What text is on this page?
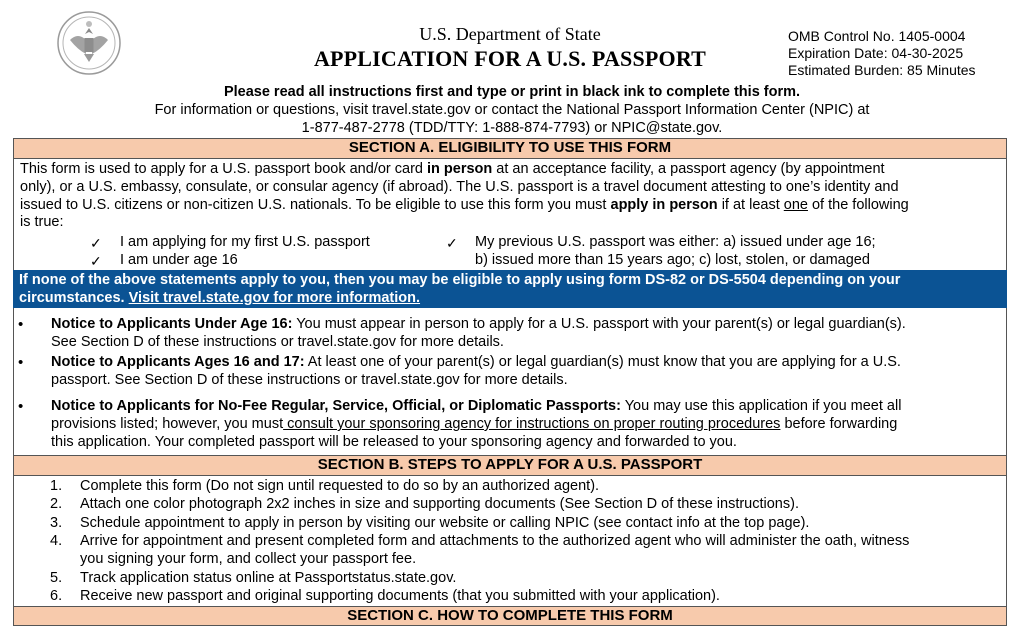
U.S. Department of State
APPLICATION FOR A U.S. PASSPORT
OMB Control No. 1405-0004
Expiration Date: 04-30-2025
Estimated Burden: 85 Minutes
Please read all instructions first and type or print in black ink to complete this form.
For information or questions, visit travel.state.gov or contact the National Passport Information Center (NPIC) at
1-877-487-2778 (TDD/TTY: 1-888-874-7793) or NPIC@state.gov.
SECTION A. ELIGIBILITY TO USE THIS FORM
This form is used to apply for a U.S. passport book and/or card in person at an acceptance facility, a passport agency (by appointment
only), or a U.S. embassy, consulate, or consular agency (if abroad). The U.S. passport is a travel document attesting to one’s identity and
issued to U.S. citizens or non-citizen U.S. nationals. To be eligible to use this form you must apply in person if at least one of the following
is true:
✓ I am applying for my first U.S. passport
✓ I am under age 16
✓ My previous U.S. passport was either: a) issued under age 16;
b) issued more than 15 years ago; c) lost, stolen, or damaged
If none of the above statements apply to you, then you may be eligible to apply using form DS-82 or DS-5504 depending on your
circumstances. Visit travel.state.gov for more information.
• Notice to Applicants Under Age 16: You must appear in person to apply for a U.S. passport with your parent(s) or legal guardian(s).
See Section D of these instructions or travel.state.gov for more details.
• Notice to Applicants Ages 16 and 17: At least one of your parent(s) or legal guardian(s) must know that you are applying for a U.S.
passport. See Section D of these instructions or travel.state.gov for more details.
• Notice to Applicants for No-Fee Regular, Service, Official, or Diplomatic Passports: You may use this application if you meet all
provisions listed; however, you must consult your sponsoring agency for instructions on proper routing procedures before forwarding
this application. Your completed passport will be released to your sponsoring agency and forwarded to you.
SECTION B. STEPS TO APPLY FOR A U.S. PASSPORT
1. Complete this form (Do not sign until requested to do so by an authorized agent).
2. Attach one color photograph 2x2 inches in size and supporting documents (See Section D of these instructions).
3. Schedule appointment to apply in person by visiting our website or calling NPIC (see contact info at the top page).
4. Arrive for appointment and present completed form and attachments to the authorized agent who will administer the oath, witness
you signing your form, and collect your passport fee.
5. Track application status online at Passportstatus.state.gov.
6. Receive new passport and original supporting documents (that you submitted with your application).
SECTION C. HOW TO COMPLETE THIS FORM
